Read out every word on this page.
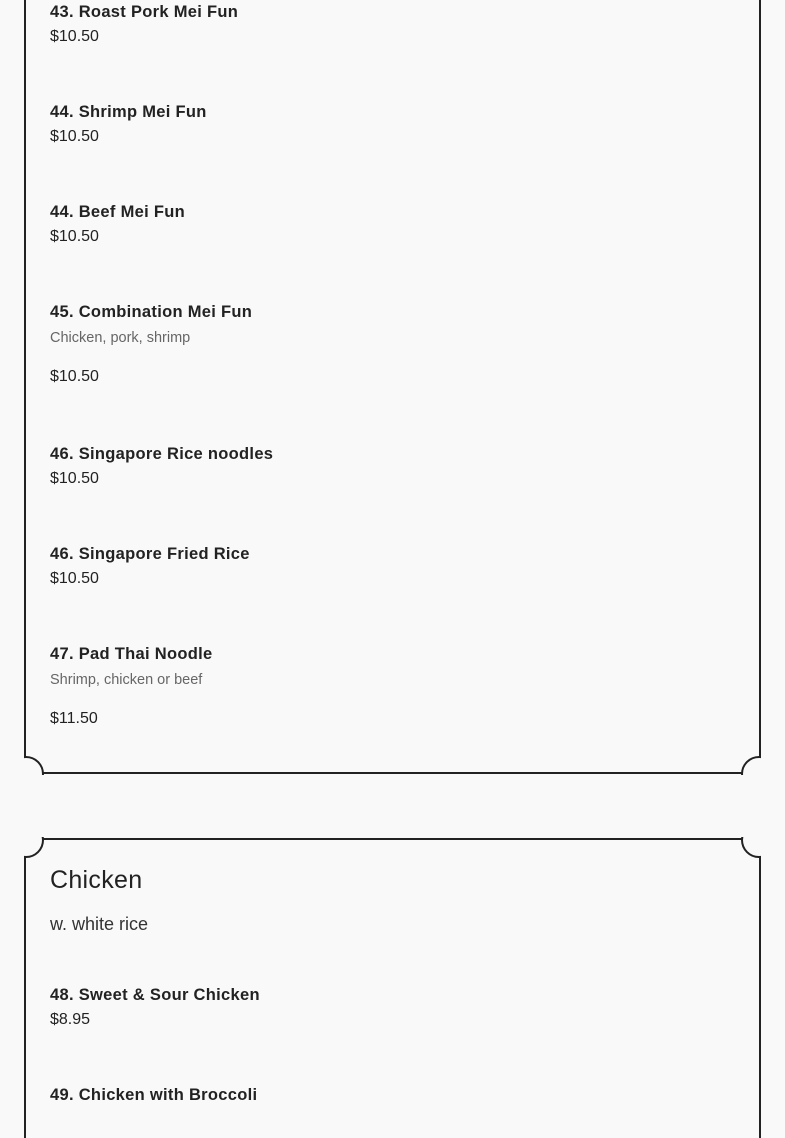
43. Roast Pork Mei Fun
$10.50
44. Shrimp Mei Fun
$10.50
44. Beef Mei Fun
$10.50
45. Combination Mei Fun
Chicken, pork, shrimp
$10.50
46. Singapore Rice noodles
$10.50
46. Singapore Fried Rice
$10.50
47. Pad Thai Noodle
Shrimp, chicken or beef
$11.50
Chicken
w. white rice
48. Sweet & Sour Chicken
$8.95
49. Chicken with Broccoli
